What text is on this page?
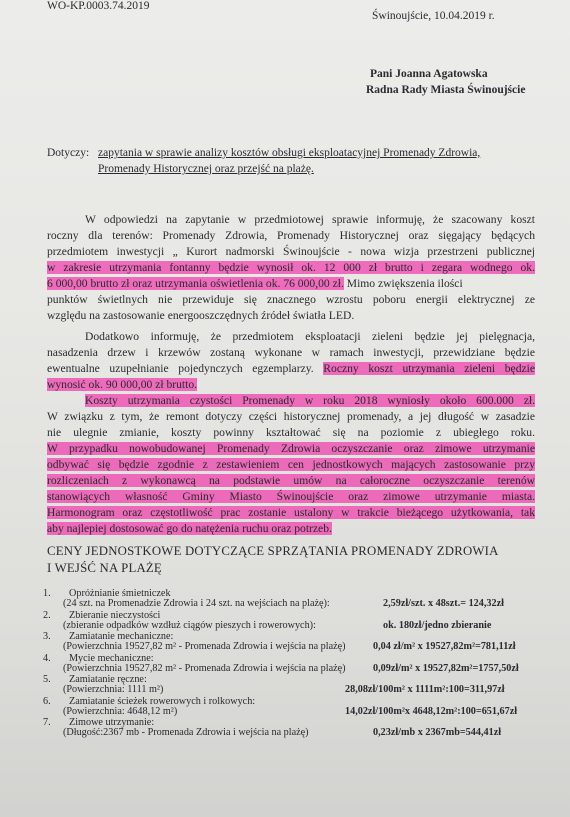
WO-KP.0003.74.2019
Świnoujście, 10.04.2019 r.
Pani Joanna Agatowska
Radna Rady Miasta Świnoujście
Dotyczy: zapytania w sprawie analizy kosztów obsługi eksploatacyjnej Promenady Zdrowia,
Promenady Historycznej oraz przejść na plażę.
W odpowiedzi na zapytanie w przedmiotowej sprawie informuję, że szacowany koszt
roczny dla terenów: Promenady Zdrowia, Promenady Historycznej oraz sięgający będących
przedmiotem inwestycji „ Kurort nadmorski Świnoujście - nowa wizja przestrzeni publicznej
w zakresie utrzymania fontanny będzie wynosił ok. 12 000 zł brutto i zegara wodnego ok.
6 000,00 brutto zł oraz utrzymania oświetlenia ok. 76 000,00 zł. Mimo zwiększenia ilości
punktów świetlnych nie przewiduje się znacznego wzrostu poboru energii elektrycznej ze
względu na zastosowanie energooszczędnych źródeł światła LED.
Dodatkowo informuję, że przedmiotem eksploatacji zieleni będzie jej pielęgnacja,
nasadzenia drzew i krzewów zostaną wykonane w ramach inwestycji, przewidziane będzie
ewentualne uzupełnianie pojedynczych egzemplarzy. Roczny koszt utrzymania zieleni będzie
wynosić ok. 90 000,00 zł brutto.
Koszty utrzymania czystości Promenady w roku 2018 wyniosły około 600.000 zł.
W związku z tym, że remont dotyczy części historycznej promenady, a jej długość w zasadzie
nie ulegnie zmianie, koszty powinny kształtować się na poziomie z ubiegłego roku.
W przypadku nowobudowanej Promenady Zdrowia oczyszczanie oraz zimowe utrzymanie
odbywać się będzie zgodnie z zestawieniem cen jednostkowych mających zastosowanie przy
rozliczeniach z wykonawcą na podstawie umów na całoroczne oczyszczanie terenów
stanowiących własność Gminy Miasto Świnoujście oraz zimowe utrzymanie miasta.
Harmonogram oraz częstotliwość prac zostanie ustalony w trakcie bieżącego użytkowania, tak
aby najlepiej dostosować go do natężenia ruchu oraz potrzeb.
CENY JEDNOSTKOWE DOTYCZĄCE SPRZĄTANIA PROMENADY ZDROWIA
I WEJŚĆ NA PLAŻĘ
1. Opróżnianie śmietniczek
(24 szt. na Promenadzie Zdrowia i 24 szt. na wejściach na plażę):	2,59zł/szt. x 48szt.= 124,32zł
2. Zbieranie nieczystości
(zbieranie odpadków wzdłuż ciągów pieszych i rowerowych):	ok. 180zł/jedno zbieranie
3. Zamiatanie mechaniczne:
(Powierzchnia 19527,82 m² - Promenada Zdrowia i wejścia na plażę)	0,04 zł/m² x 19527,82m²=781,11zł
4. Mycie mechaniczne:
(Powierzchnia 19527,82 m² - Promenada Zdrowia i wejścia na plażę)	0,09zł/m² x 19527,82m²=1757,50zł
5. Zamiatanie ręczne:
(Powierzchnia: 1111 m²)	28,08zł/100m² x 1111m²:100=311,97zł
6. Zamiatanie ścieżek rowerowych i rolkowych:
(Powierzchnia: 4648,12 m²)	14,02zł/100m²x 4648,12m²:100=651,67zł
7. Zimowe utrzymanie:
(Długość:2367 mb - Promenada Zdrowia i wejścia na plażę)	0,23zł/mb x 2367mb=544,41zł
